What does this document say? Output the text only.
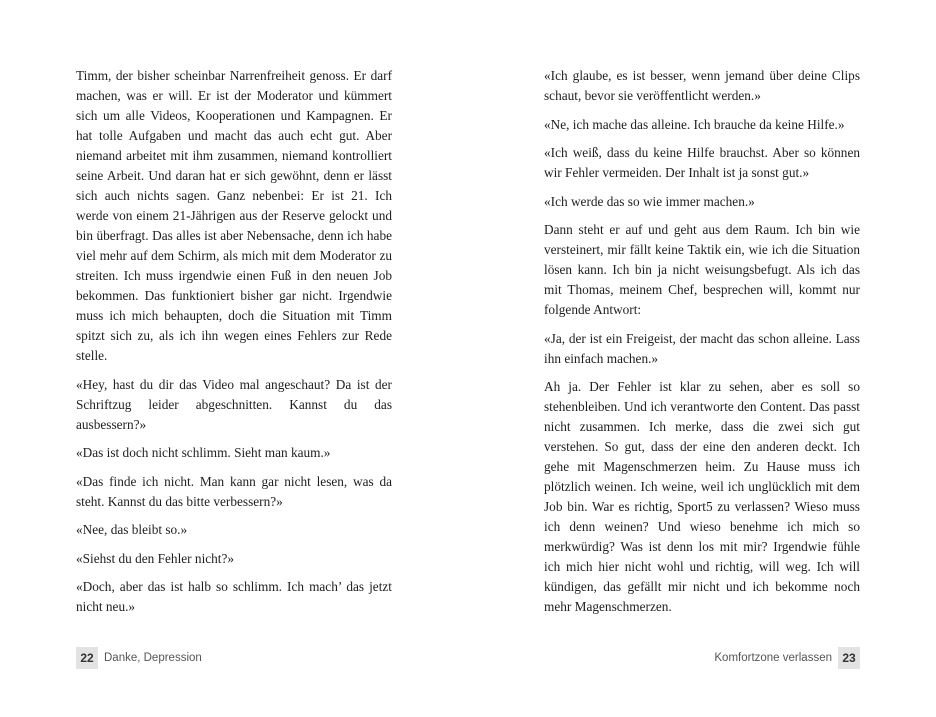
Timm, der bisher scheinbar Narrenfreiheit genoss. Er darf machen, was er will. Er ist der Moderator und kümmert sich um alle Videos, Kooperationen und Kampagnen. Er hat tolle Aufgaben und macht das auch echt gut. Aber niemand arbeitet mit ihm zusammen, niemand kontrolliert seine Arbeit. Und daran hat er sich gewöhnt, denn er lässt sich auch nichts sagen. Ganz nebenbei: Er ist 21. Ich werde von einem 21-Jährigen aus der Reserve gelockt und bin überfragt. Das alles ist aber Nebensache, denn ich habe viel mehr auf dem Schirm, als mich mit dem Moderator zu streiten. Ich muss irgendwie einen Fuß in den neuen Job bekommen. Das funktioniert bisher gar nicht. Irgendwie muss ich mich behaupten, doch die Situation mit Timm spitzt sich zu, als ich ihn wegen eines Fehlers zur Rede stelle.

«Hey, hast du dir das Video mal angeschaut? Da ist der Schriftzug leider abgeschnitten. Kannst du das ausbessern?»

«Das ist doch nicht schlimm. Sieht man kaum.»

«Das finde ich nicht. Man kann gar nicht lesen, was da steht. Kannst du das bitte verbessern?»

«Nee, das bleibt so.»

«Siehst du den Fehler nicht?»

«Doch, aber das ist halb so schlimm. Ich mach’ das jetzt nicht neu.»

«Ich glaube, es ist besser, wenn jemand über deine Clips schaut, bevor sie veröffentlicht werden.»

«Ne, ich mache das alleine. Ich brauche da keine Hilfe.»

«Ich weiß, dass du keine Hilfe brauchst. Aber so können wir Fehler vermeiden. Der Inhalt ist ja sonst gut.»

«Ich werde das so wie immer machen.»

Dann steht er auf und geht aus dem Raum. Ich bin wie versteinert, mir fällt keine Taktik ein, wie ich die Situation lösen kann. Ich bin ja nicht weisungsbefugt. Als ich das mit Thomas, meinem Chef, besprechen will, kommt nur folgende Antwort:

«Ja, der ist ein Freigeist, der macht das schon alleine. Lass ihn einfach machen.»

Ah ja. Der Fehler ist klar zu sehen, aber es soll so stehenbleiben. Und ich verantworte den Content. Das passt nicht zusammen. Ich merke, dass die zwei sich gut verstehen. So gut, dass der eine den anderen deckt. Ich gehe mit Magenschmerzen heim. Zu Hause muss ich plötzlich weinen. Ich weine, weil ich unglücklich mit dem Job bin. War es richtig, Sport5 zu verlassen? Wieso muss ich denn weinen? Und wieso benehme ich mich so merkwürdig? Was ist denn los mit mir? Irgendwie fühle ich mich hier nicht wohl und richtig, will weg. Ich will kündigen, das gefällt mir nicht und ich bekomme noch mehr Magenschmerzen.

22 Danke, Depression	Komfortzone verlassen 23
